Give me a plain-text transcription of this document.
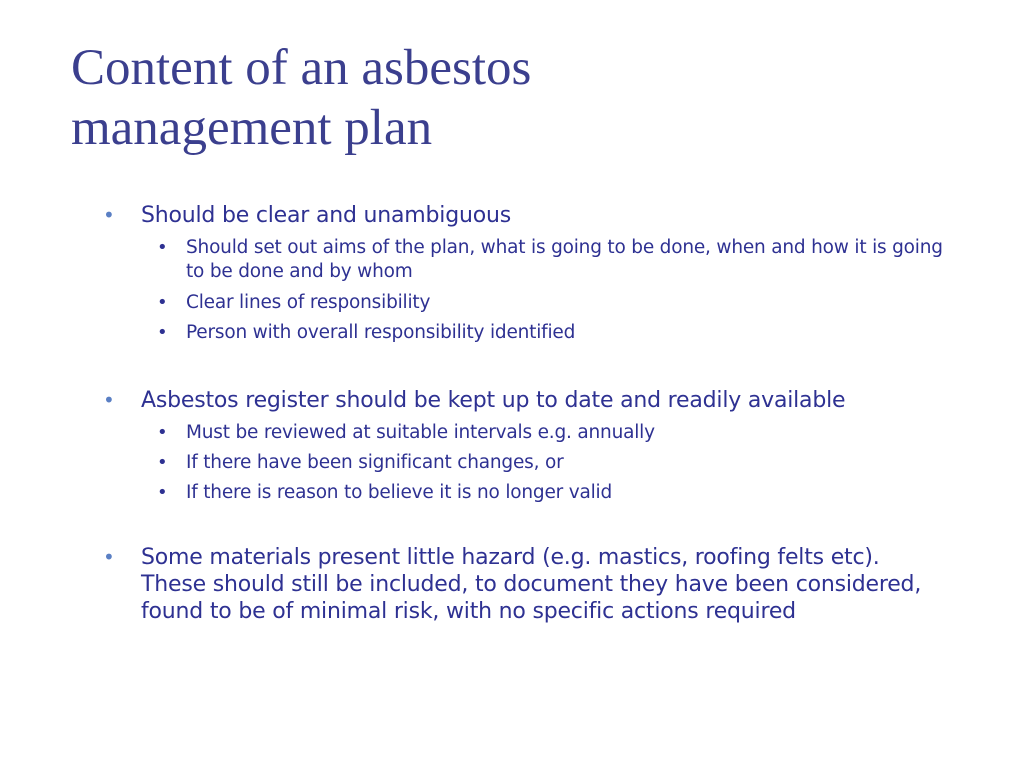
Content of an asbestos
management plan
• Should be clear and unambiguous
• Should set out aims of the plan, what is going to be done, when and how it is going to be done and by whom
• Clear lines of responsibility
• Person with overall responsibility identified
• Asbestos register should be kept up to date and readily available
• Must be reviewed at suitable intervals e.g. annually
• If there have been significant changes, or
• If there is reason to believe it is no longer valid
• Some materials present little hazard (e.g. mastics, roofing felts etc). These should still be included, to document they have been considered, found to be of minimal risk, with no specific actions required
